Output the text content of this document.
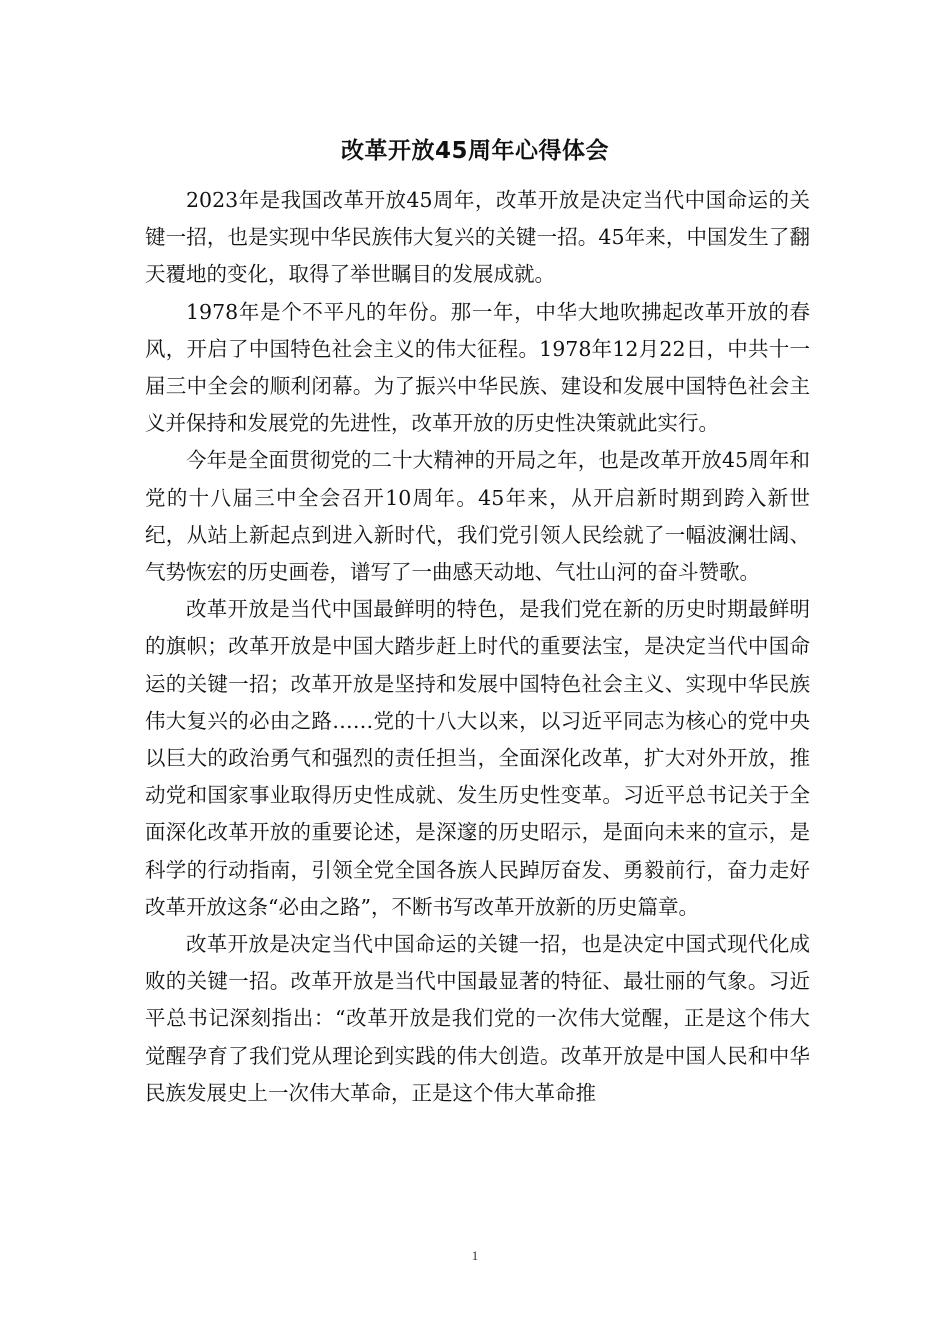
改革开放45周年心得体会

2023年是我国改革开放45周年，改革开放是决定当代中国命运的关键一招，也是实现中华民族伟大复兴的关键一招。45年来，中国发生了翻天覆地的变化，取得了举世瞩目的发展成就。

1978年是个不平凡的年份。那一年，中华大地吹拂起改革开放的春风，开启了中国特色社会主义的伟大征程。1978年12月22日，中共十一届三中全会的顺利闭幕。为了振兴中华民族、建设和发展中国特色社会主义并保持和发展党的先进性，改革开放的历史性决策就此实行。

今年是全面贯彻党的二十大精神的开局之年，也是改革开放45周年和党的十八届三中全会召开10周年。45年来，从开启新时期到跨入新世纪，从站上新起点到进入新时代，我们党引领人民绘就了一幅波澜壮阔、气势恢宏的历史画卷，谱写了一曲感天动地、气壮山河的奋斗赞歌。

改革开放是当代中国最鲜明的特色，是我们党在新的历史时期最鲜明的旗帜；改革开放是中国大踏步赶上时代的重要法宝，是决定当代中国命运的关键一招；改革开放是坚持和发展中国特色社会主义、实现中华民族伟大复兴的必由之路……党的十八大以来，以习近平同志为核心的党中央以巨大的政治勇气和强烈的责任担当，全面深化改革，扩大对外开放，推动党和国家事业取得历史性成就、发生历史性变革。习近平总书记关于全面深化改革开放的重要论述，是深邃的历史昭示，是面向未来的宣示，是科学的行动指南，引领全党全国各族人民踔厉奋发、勇毅前行，奋力走好改革开放这条“必由之路”，不断书写改革开放新的历史篇章。

改革开放是决定当代中国命运的关键一招，也是决定中国式现代化成败的关键一招。改革开放是当代中国最显著的特征、最壮丽的气象。习近平总书记深刻指出：“改革开放是我们党的一次伟大觉醒，正是这个伟大觉醒孕育了我们党从理论到实践的伟大创造。改革开放是中国人民和中华民族发展史上一次伟大革命，正是这个伟大革命推

1
